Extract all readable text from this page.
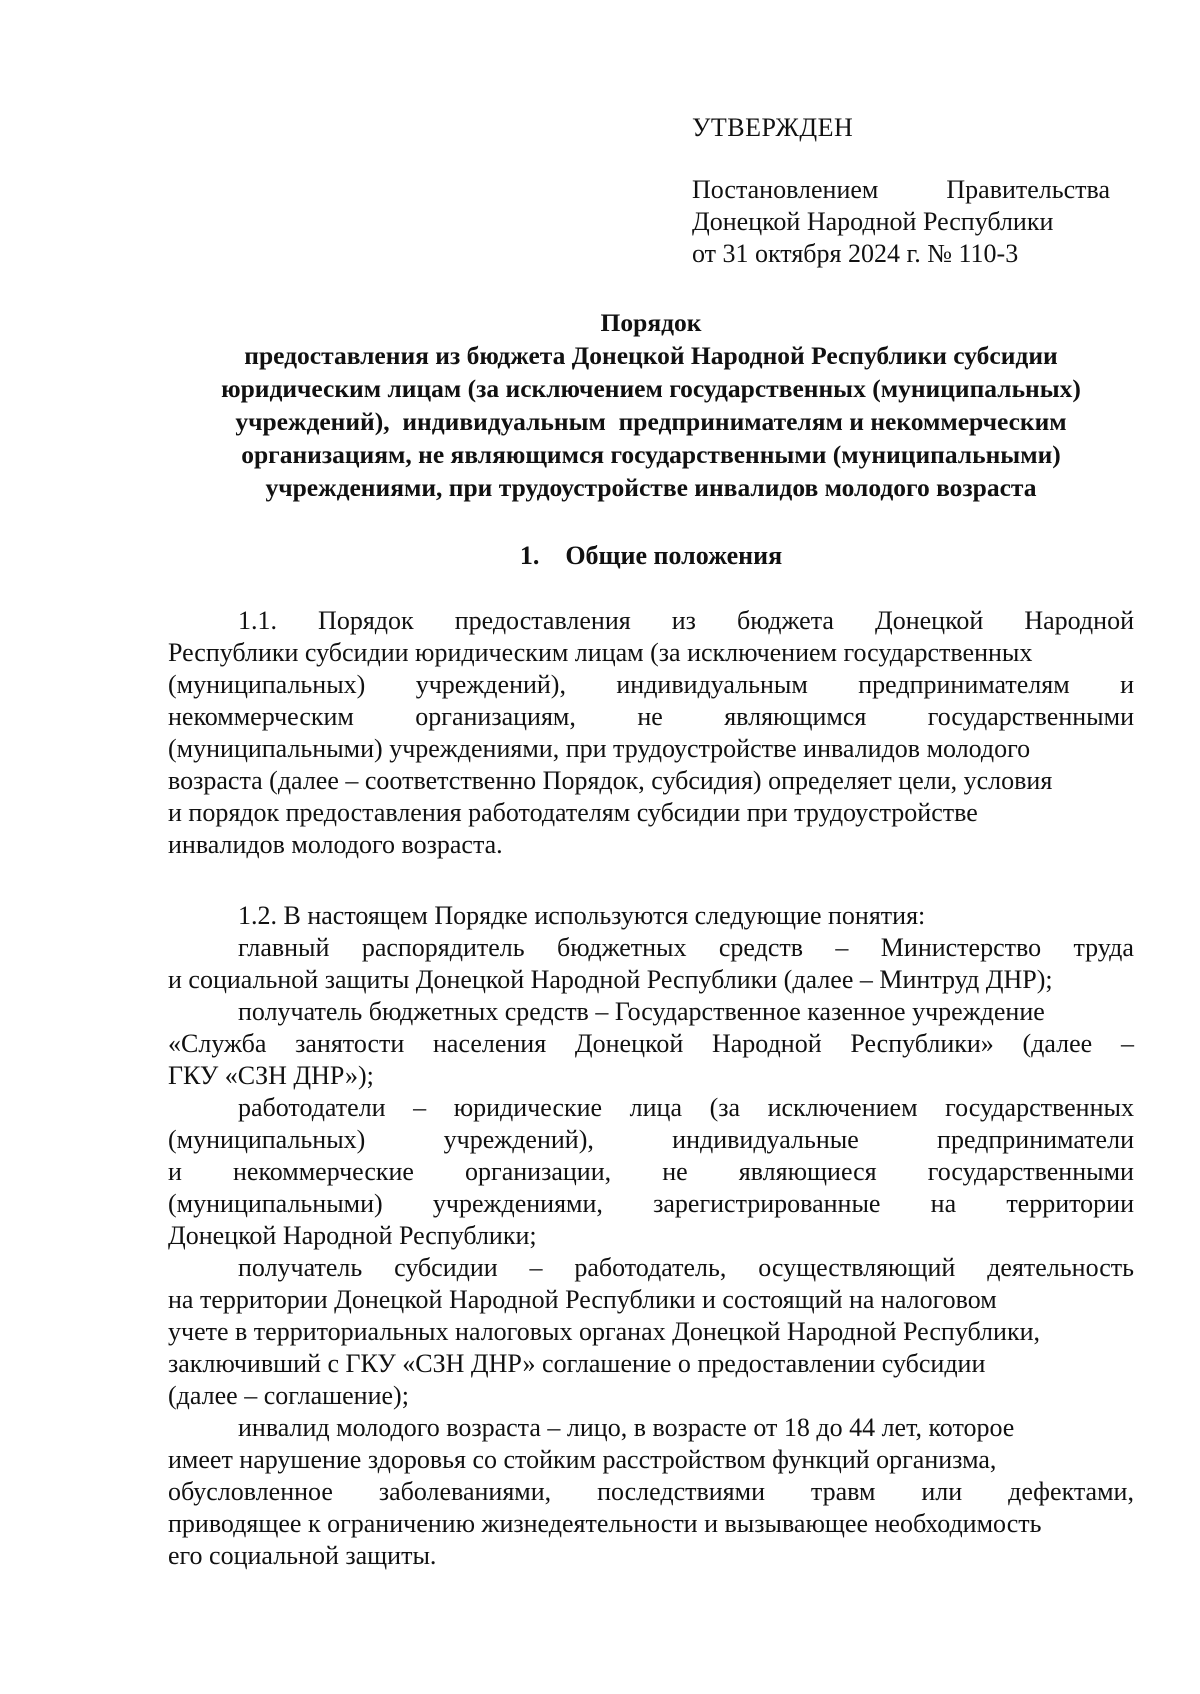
УТВЕРЖДЕН
Постановлением	Правительства
Донецкой Народной Республики
от 31 октября 2024 г. № 110-3
Порядок
предоставления из бюджета Донецкой Народной Республики субсидии
юридическим лицам (за исключением государственных (муниципальных)
учреждений),  индивидуальным  предпринимателям и некоммерческим
организациям, не являющимся государственными (муниципальными)
учреждениями, при трудоустройстве инвалидов молодого возраста
1. Общие положения
1.1. Порядок предоставления из бюджета Донецкой Народной
Республики субсидии юридическим лицам (за исключением государственных
(муниципальных) учреждений), индивидуальным предпринимателям и
некоммерческим организациям, не являющимся государственными
(муниципальными) учреждениями, при трудоустройстве инвалидов молодого
возраста (далее – соответственно Порядок, субсидия) определяет цели, условия
и порядок предоставления работодателям субсидии при трудоустройстве
инвалидов молодого возраста.
1.2. В настоящем Порядке используются следующие понятия:
главный распорядитель бюджетных средств – Министерство труда
и социальной защиты Донецкой Народной Республики (далее – Минтруд ДНР);
получатель бюджетных средств – Государственное казенное учреждение
«Служба занятости населения Донецкой Народной Республики» (далее –
ГКУ «СЗН ДНР»);
работодатели – юридические лица (за исключением государственных
(муниципальных)	учреждений),	индивидуальные	предприниматели
и некоммерческие организации, не являющиеся государственными
(муниципальными) учреждениями, зарегистрированные на территории
Донецкой Народной Республики;
получатель субсидии – работодатель, осуществляющий деятельность
на территории Донецкой Народной Республики и состоящий на налоговом
учете в территориальных налоговых органах Донецкой Народной Республики,
заключивший с ГКУ «СЗН ДНР» соглашение о предоставлении субсидии
(далее – соглашение);
инвалид молодого возраста – лицо, в возрасте от 18 до 44 лет, которое
имеет нарушение здоровья со стойким расстройством функций организма,
обусловленное заболеваниями, последствиями травм или дефектами,
приводящее к ограничению жизнедеятельности и вызывающее необходимость
его социальной защиты.
